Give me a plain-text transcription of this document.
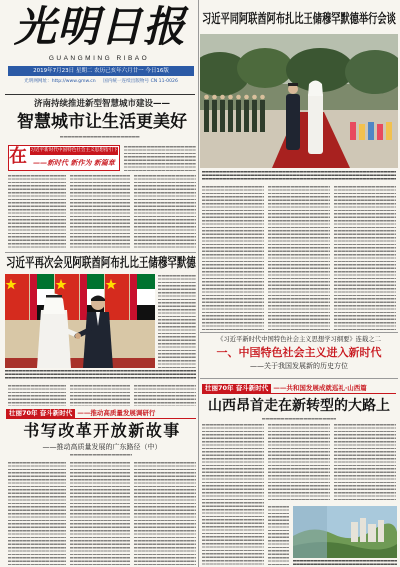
光明日报
GUANGMING RIBAO
2019年7月23日 星期二 农历己亥年六月廿一 今日16版
光明网网址：http://www.gmw.cn 国内统一连续出版物号 CN 11-0026
习近平同阿联酋阿布扎比王储穆罕默德举行会谈
《习近平新时代中国特色社会主义思想学习纲要》连载之二
一、中国特色社会主义进入新时代
——关于我国发展新的历史方位
壮丽70年 奋斗新时代 ——共和国发展成就巡礼·山西篇
山西昂首走在新转型的大路上
济南持续推进新型智慧城市建设——
智慧城市让生活更美好
在 习近平新时代中国特色社会主义思想指引下
——新时代 新作为 新篇章
习近平再次会见阿联酋阿布扎比王储穆罕默德
壮丽70年 奋斗新时代 ——推动高质量发展调研行
书写改革开放新故事
——推动高质量发展的广东路径（中）
